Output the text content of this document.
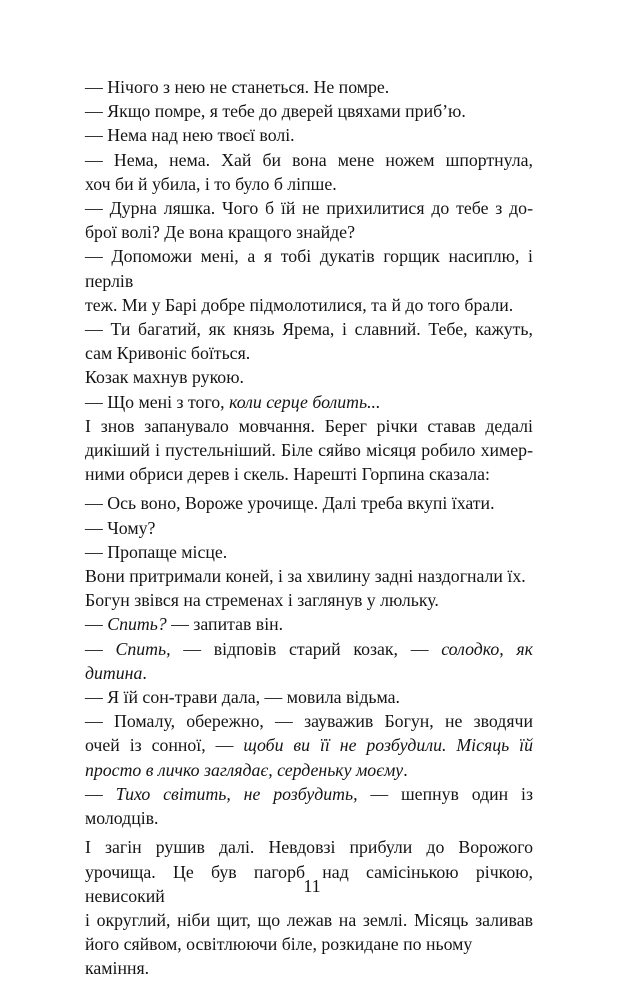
— Нічого з нею не станеться. Не помре.
— Якщо помре, я тебе до дверей цвяхами приб’ю.
— Нема над нею твоєї волі.
— Нема, нема. Хай би вона мене ножем шпортнула,
хоч би й убила, і то було б ліпше.
— Дурна ляшка. Чого б їй не прихилитися до тебе з до-
брої волі? Де вона кращого знайде?
— Допоможи мені, а я тобі дукатів горщик насиплю, і перлів
теж. Ми у Барі добре підмолотилися, та й до того брали.
— Ти багатий, як князь Ярема, і славний. Тебе, кажуть,
сам Кривоніс боїться.
Козак махнув рукою.
— Що мені з того, коли серце болить...
І знов запанувало мовчання. Берег річки ставав дедалі
дикіший і пустельніший. Біле сяйво місяця робило химер-
ними обриси дерев і скель. Нарешті Горпина сказала:
— Ось воно, Вороже урочище. Далі треба вкупі їхати.
— Чому?
— Пропаще місце.
Вони притримали коней, і за хвилину задні наздогнали їх.
Богун звівся на стременах і заглянув у люльку.
— Спить? — запитав він.
— Спить, — відповів старий козак, — солодко, як
дитина.
— Я їй сон-трави дала, — мовила відьма.
— Помалу, обережно, — зауважив Богун, не зводячи
очей із сонної, — щоби ви її не розбудили. Місяць їй
просто в личко заглядає, серденьку моєму.
— Тихо світить, не розбудить, — шепнув один із
молодців.
І загін рушив далі. Невдовзі прибули до Ворожого
урочища. Це був пагорб над самісінькою річкою, невисокий
і округлий, ніби щит, що лежав на землі. Місяць заливав
його сяйвом, освітлюючи біле, розкидане по ньому каміння.
11
